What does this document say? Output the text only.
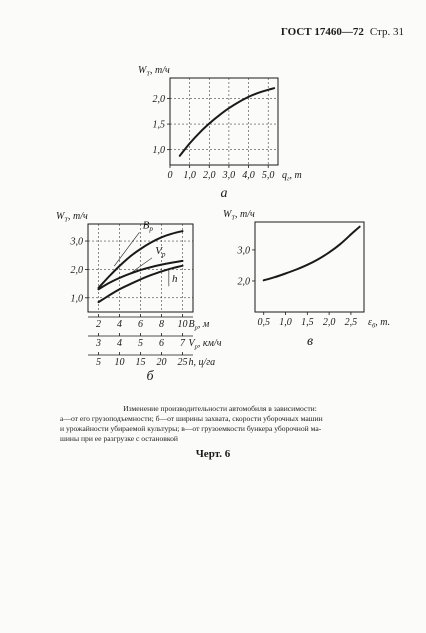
ГОСТ 17460—72 Стр. 31
1,0
1,5
2,0
$W_T$, т/ч
0 1,0 2,0 3,0 4,0 5,0 $q_г$, т
а
1,0
2,0
3,0
$W_T$, т/ч
2 4 6 8 10 $B_p$, м
3 4 5 6 7 $V_p$, км/ч
5 10 15 20 25 h, ц/га
$B_p$
$V_p$
h
б
2,0
3,0
$W_T$, т/ч
0,5 1,0 1,5 2,0 2,5 $\varepsilon_б$, т.
в
Изменение производительности автомобиля в зависимости:
а—от его грузоподъемности; б—от ширины захвата, скорости уборочных машин
и урожайности убираемой культуры; в—от грузоемкости бункера уборочной ма-
шины при ее разгрузке с остановкой
Черт. 6
